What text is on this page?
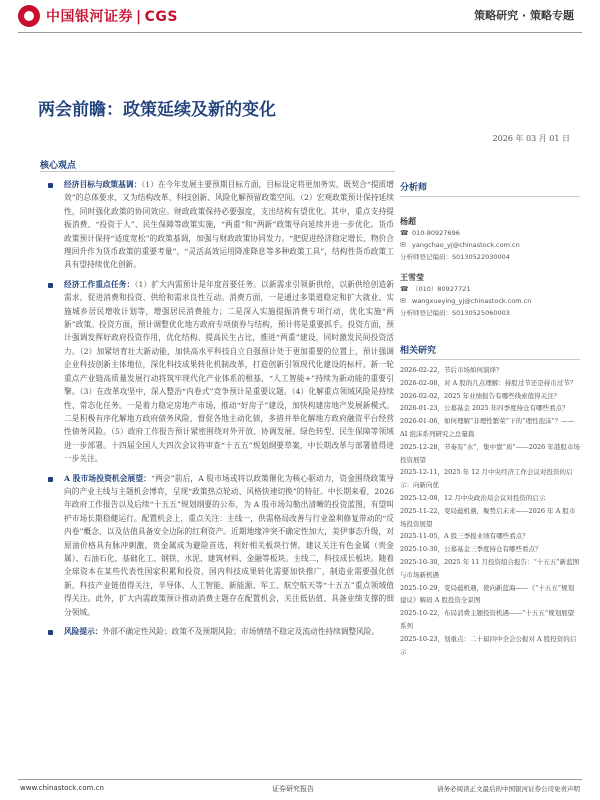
中国银河证券 | CGS	策略研究 · 策略专题
两会前瞻：政策延续及新的变化
2026 年 03 月 01 日
核心观点
经济目标与政策基调：（1）在今年发展主要预期目标方面，目标设定将更加务实，既契合“提质增效”的总体要求，又为结构改革、科技创新、风险化解预留政策空间。（2）宏观政策预计保持延续性，同时强化政策的协同效应。财政政策保持必要强度，支出结构有望优化。其中，重点支持提振消费、“投资于人”、民生保障等政策实施，“两重”和“两新”政策导向延续并进一步优化。货币政策预计保持“适度宽松”的政策基调，加强与财政政策协同发力。“把促进经济稳定增长、物价合理回升作为货币政策的重要考量”，“灵活高效运用降准降息等多种政策工具”，结构性货币政策工具有望持续优化创新。
经济工作重点任务：（1）扩大内需预计是年度首要任务。以新需求引领新供给，以新供给创造新需求，促进消费和投资、供给和需求良性互动。消费方面，一是通过多渠道稳定和扩大就业、实施城乡居民增收计划等，增强居民消费能力；二是深入实施提振消费专项行动，优化实施“两新”政策。投资方面，预计调整优化地方政府专项债券与结构，预计将是重要抓手。投资方面，预计强调发挥好政府投资作用，优化结构、提高民生占比，推进“两重”建设，同时激发民间投资活力。（2）加紧培育壮大新动能，加快高水平科技自立自强预计处于更加重要的位置上，预计强调企业科技创新主体地位，深化科技成果转化机制改革，打造创新引领现代化建设的标杆。新一轮重点产业链高质量发展行动将筑牢现代化产业体系的根基，“人工智能+”持续为新动能的重要引擎。（3）在改革攻坚中，深入整治“内卷式”竞争预计是重要议题。（4）化解重点领域风险是持续性、常态化任务。一是着力稳定房地产市场，推动“好房子”建设，加快构建房地产发展新模式。二是积极有序化解地方政府债务风险，督促各地主动化债，多措并举化解地方政府融资平台经营性债务风险。（5）政府工作报告预计紧密围绕对外开放、协调发展、绿色转型、民生保障等领域进一步部署。十四届全国人大四次会议将审查“十五五”规划纲要草案，中长期改革与部署值得进一步关注。
A 股市场投资机会展望：“两会”前后，A 股市场或将以政策催化为核心驱动力，资金围绕政策导向的产业主线与主题机会博弈，呈现“政策热点轮动、风格快速切换”的特征。中长期来看，2026 年政府工作报告以及后续“十五五”规划纲要的公布，为 A 股市场勾勒出清晰的投资蓝图，有望叫护市场长期稳健运行。配置机会上，重点关注：主线一，供需格局改善与行业盈利修复带动的“反内卷”概念，以及估值具备安全边际的红利资产。近期地缘冲突不确定性加大，美伊事态升级，对原油价格具有脉冲刺激，贵金属成为避险首选，利好相关板块行情。建议关注有色金属（贵金属）、石油石化、基础化工、钢铁、水泥、建筑材料、金融等板块。主线二，科技成长板块。随着全球资本在某些代表性国家积累和投资，国内科技成果转化需要加快推广，制造业需要强化创新，科技产业链值得关注，半导体、人工智能、新能源、军工、航空航天等“十五五”重点领域值得关注。此外，扩大内需政策预计推动消费主题存在配置机会，关注低估值、具备业绩支撑的细分领域。
风险提示：外部不确定性风险；政策不及预期风险；市场情绪不稳定及流动性持续调整风险。
分析师
杨超
☎ 010-80927696
✉ yangchao_yj@chinastock.com.cn
分析师登记编码：S0130522030004
王雪莹
☎ （010）80927721
✉ wangxueying_yj@chinastock.com.cn
分析师登记编码：S0130525060003
相关研究
2026-02-22，节后市场如何演绎？
2026-02-08，对 A 股的几点理解：持股过节还是持币过节？
2026-02-02，2025 年业绩报告有哪些线索值得关注？
2026-01-23，公募基金 2025 年四季度持仓有哪些看点？
2026-01-06，如何理解“非理性繁荣”下的“理性泡沫”？——AI 泡沫系列研究之总量篇
2025-12-28，节奏有“水”，集中靠“质”——2026 年港股市场投资展望
2025-12-11，2025 年 12 月中央经济工作会议对投资的启示：向新向优
2025-12-08，12 月中央政治局会议对投资的启示
2025-11-22，变局蕴机遇，聚势启未来——2026 年 A 股市场投资展望
2025-11-05，A 股三季报业绩有哪些看点？
2025-10-30，公募基金三季度持仓有哪些看点？
2025-10-30，2025 年 11 月投资组合报告：“十五五”新蓝图与市场新机遇
2025-10-29，变局蕴机遇，使向新蓝海——《“十五五”规划建议》解码 A 股投资全景图
2025-10-22，布局消费主题投资机遇——“十五五”规划展望系列
2025-10-23，划重点：二十届四中全会公报对 A 股投资的启示
www.chinastock.com.cn	证券研究报告	请务必阅读正文最后的中国银河证券公司免责声明
